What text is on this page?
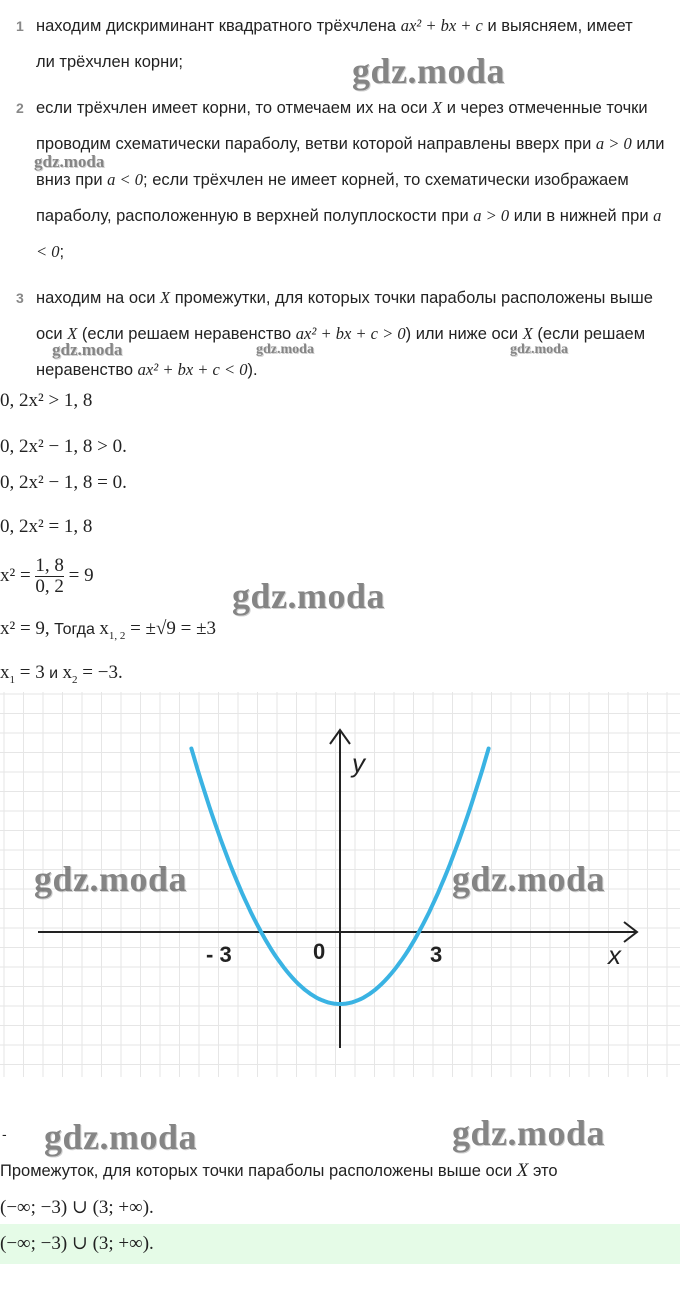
1 находим дискриминант квадратного трёхчлена ax² + bx + c и выясняем, имеет ли трёхчлен корни;
2 если трёхчлен имеет корни, то отмечаем их на оси X и через отмеченные точки проводим схематически параболу, ветви которой направлены вверх при a > 0 или вниз при a < 0; если трёхчлен не имеет корней, то схематически изображаем параболу, расположенную в верхней полуплоскости при a > 0 или в нижней при a < 0;
3 находим на оси X промежутки, для которых точки параболы расположены выше оси X (если решаем неравенство ax² + bx + c > 0) или ниже оси X (если решаем неравенство ax² + bx + c < 0).
0, 2x² > 1, 8
0, 2x² − 1, 8 > 0.
0, 2x² − 1, 8 = 0.
0, 2x² = 1, 8
$x^2 = \frac{1, 8}{0, 2} = 9$
x² = 9, Тогда $x_{1, 2} = \pm√9 = \pm 3$
$x_1 = 3$ и $x_2 = -3$.
y
x
0
- 3	3
-
Промежуток, для которых точки параболы расположены выше оси X это
(−∞; −3) ∪ (3; +∞).
(−∞; −3) ∪ (3; +∞).
gdz.moda
gdz.moda
gdz.moda	gdz.moda	gdz.moda
gdz.moda
gdz.moda	gdz.moda
gdz.moda	gdz.moda
